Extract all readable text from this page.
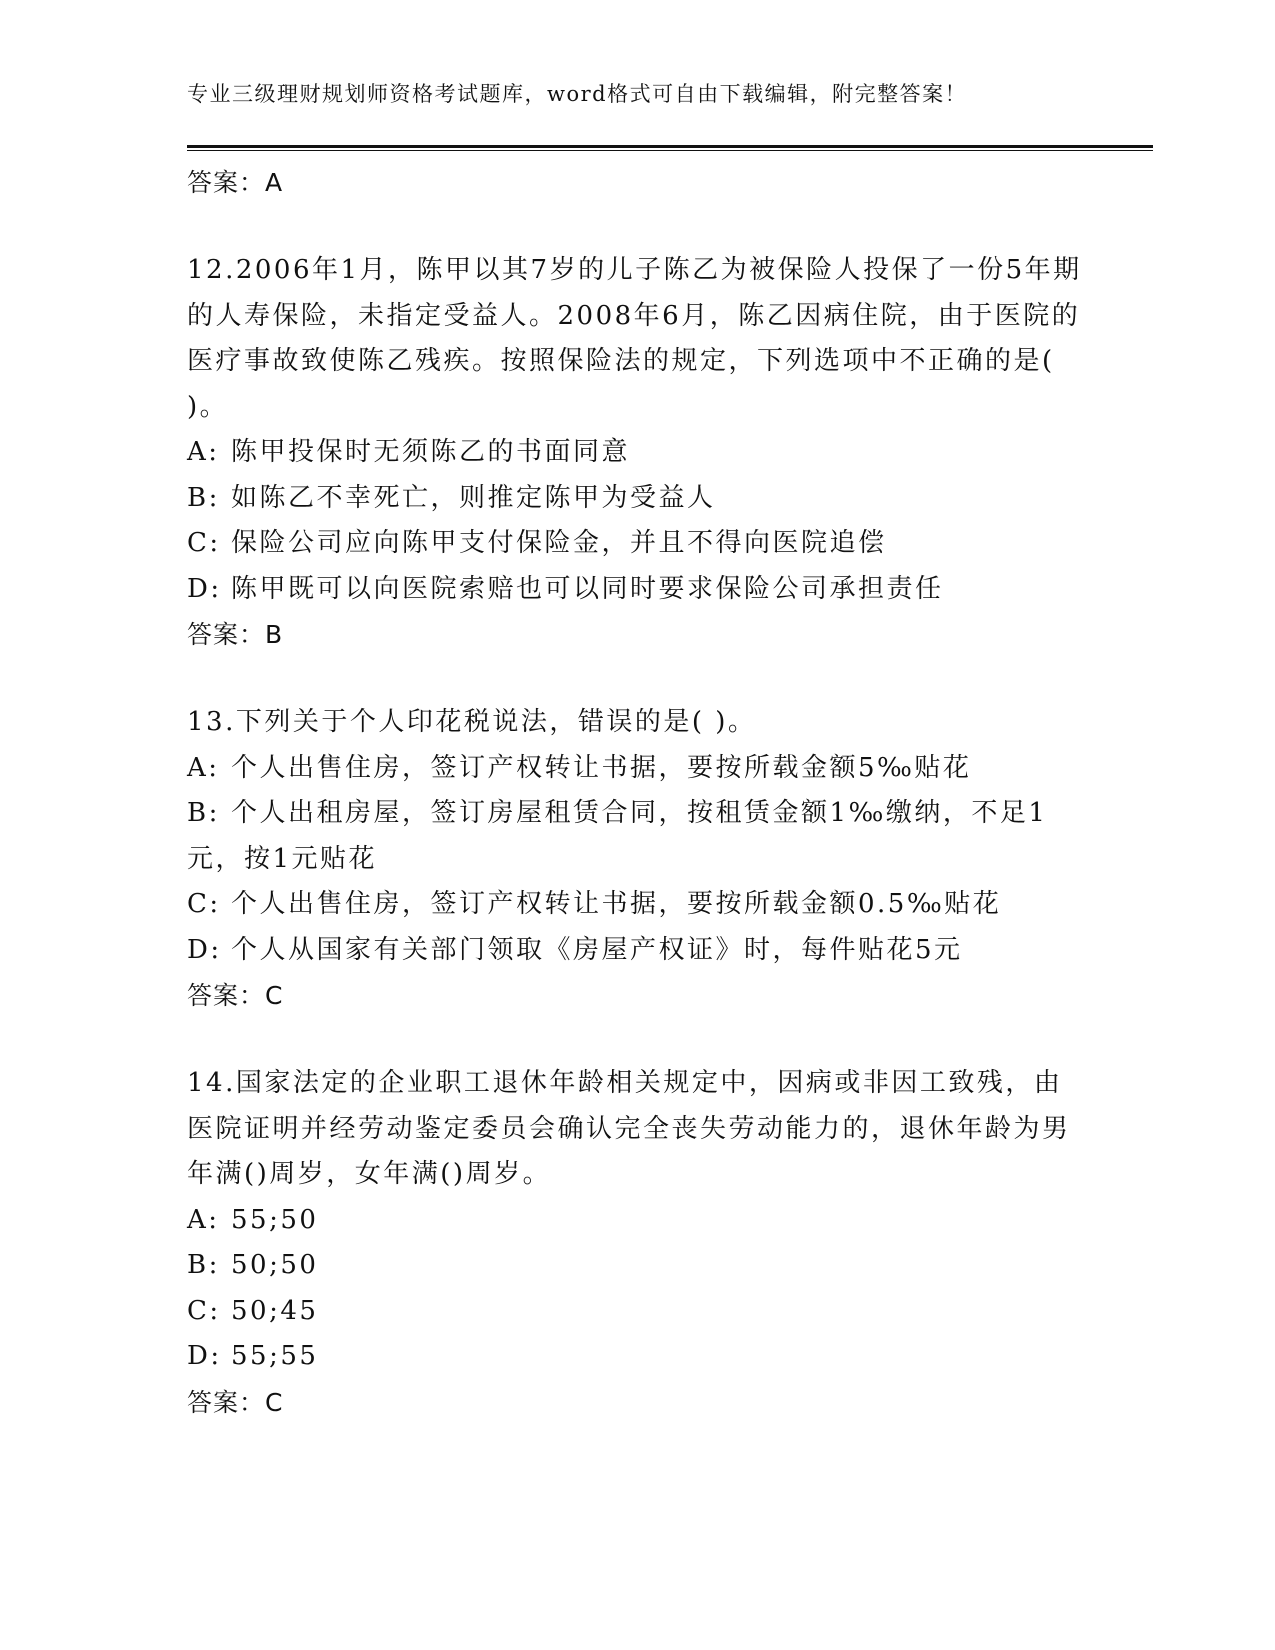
专业三级理财规划师资格考试题库，word格式可自由下载编辑，附完整答案！
答案：A

12.2006年1月，陈甲以其7岁的儿子陈乙为被保险人投保了一份5年期的人寿保险，未指定受益人。2008年6月，陈乙因病住院，由于医院的医疗事故致使陈乙残疾。按照保险法的规定，下列选项中不正确的是( )。

A: 陈甲投保时无须陈乙的书面同意
B: 如陈乙不幸死亡，则推定陈甲为受益人
C: 保险公司应向陈甲支付保险金，并且不得向医院追偿
D: 陈甲既可以向医院索赔也可以同时要求保险公司承担责任
答案：B

13.下列关于个人印花税说法，错误的是( )。

A: 个人出售住房，签订产权转让书据，要按所载金额5‰贴花
B: 个人出租房屋，签订房屋租赁合同，按租赁金额1‰缴纳，不足1元，按1元贴花
C: 个人出售住房，签订产权转让书据，要按所载金额0.5‰贴花
D: 个人从国家有关部门领取《房屋产权证》时，每件贴花5元
答案：C

14.国家法定的企业职工退休年龄相关规定中，因病或非因工致残，由医院证明并经劳动鉴定委员会确认完全丧失劳动能力的，退休年龄为男年满()周岁，女年满()周岁。

A: 55;50
B: 50;50
C: 50;45
D: 55;55
答案：C
